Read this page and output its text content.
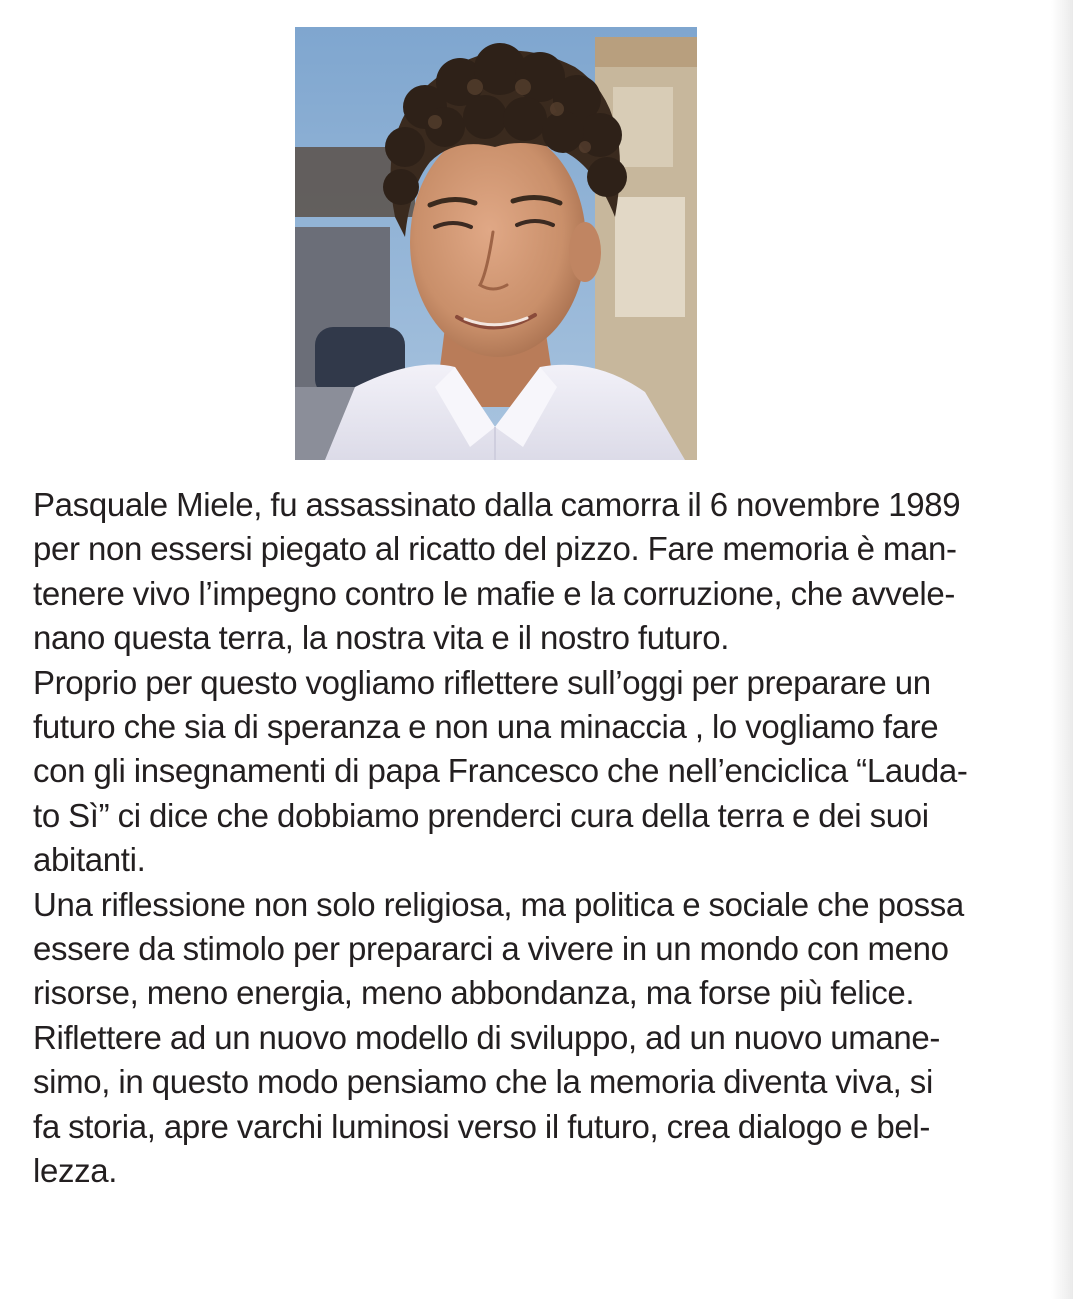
Pasquale Miele, fu assassinato dalla camorra il 6 novembre 1989
per non essersi piegato al ricatto del pizzo. Fare memoria è man-
tenere vivo l’impegno contro le mafie e la corruzione, che avvele-
nano questa terra, la nostra vita e il nostro futuro.

Proprio per questo vogliamo riflettere sull’oggi per preparare un
futuro che sia di speranza e non una minaccia , lo vogliamo fare
con gli insegnamenti di papa Francesco che nell’enciclica “Lauda-
to Sì” ci dice che dobbiamo prenderci cura della terra e dei suoi
abitanti.

Una riflessione non solo religiosa, ma politica e sociale che possa
essere da stimolo per prepararci a vivere in un mondo con meno
risorse, meno energia, meno abbondanza, ma forse più felice.
Riflettere ad un nuovo modello di sviluppo, ad un nuovo umane-
simo, in questo modo pensiamo che la memoria diventa viva, si
fa storia, apre varchi luminosi verso il futuro, crea dialogo e bel-
lezza.
